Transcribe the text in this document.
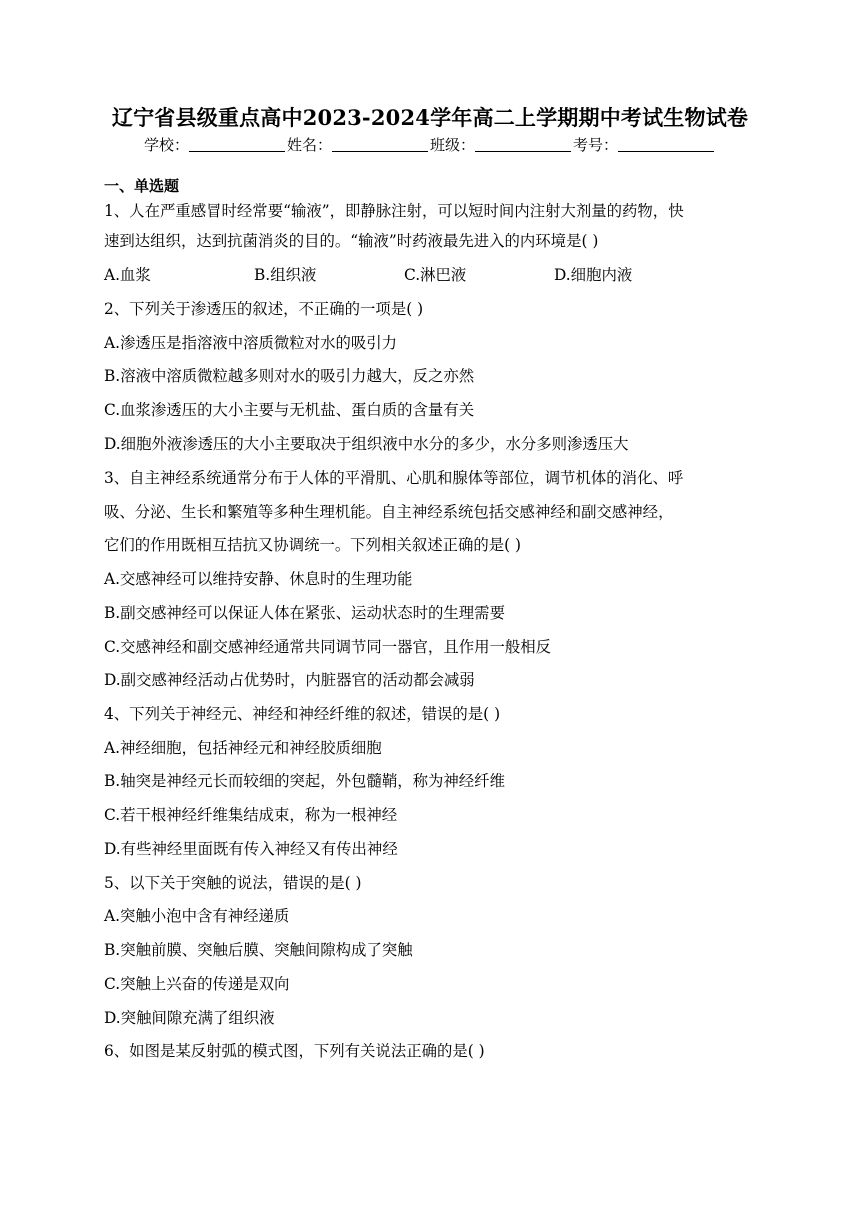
辽宁省县级重点高中2023-2024学年高二上学期期中考试生物试卷
学校：	姓名：	班级：	考号：
一、单选题
1、人在严重感冒时经常要“输液”，即静脉注射，可以短时间内注射大剂量的药物，快
速到达组织，达到抗菌消炎的目的。“输液”时药液最先进入的内环境是( )
A.血浆	B.组织液	C.淋巴液	D.细胞内液
2、下列关于渗透压的叙述，不正确的一项是( )
A.渗透压是指溶液中溶质微粒对水的吸引力
B.溶液中溶质微粒越多则对水的吸引力越大，反之亦然
C.血浆渗透压的大小主要与无机盐、蛋白质的含量有关
D.细胞外液渗透压的大小主要取决于组织液中水分的多少，水分多则渗透压大
3、自主神经系统通常分布于人体的平滑肌、心肌和腺体等部位，调节机体的消化、呼
吸、分泌、生长和繁殖等多种生理机能。自主神经系统包括交感神经和副交感神经，
它们的作用既相互拮抗又协调统一。下列相关叙述正确的是( )
A.交感神经可以维持安静、休息时的生理功能
B.副交感神经可以保证人体在紧张、运动状态时的生理需要
C.交感神经和副交感神经通常共同调节同一器官，且作用一般相反
D.副交感神经活动占优势时，内脏器官的活动都会减弱
4、下列关于神经元、神经和神经纤维的叙述，错误的是( )
A.神经细胞，包括神经元和神经胶质细胞
B.轴突是神经元长而较细的突起，外包髓鞘，称为神经纤维
C.若干根神经纤维集结成束，称为一根神经
D.有些神经里面既有传入神经又有传出神经
5、以下关于突触的说法，错误的是( )
A.突触小泡中含有神经递质
B.突触前膜、突触后膜、突触间隙构成了突触
C.突触上兴奋的传递是双向
D.突触间隙充满了组织液
6、如图是某反射弧的模式图，下列有关说法正确的是( )
